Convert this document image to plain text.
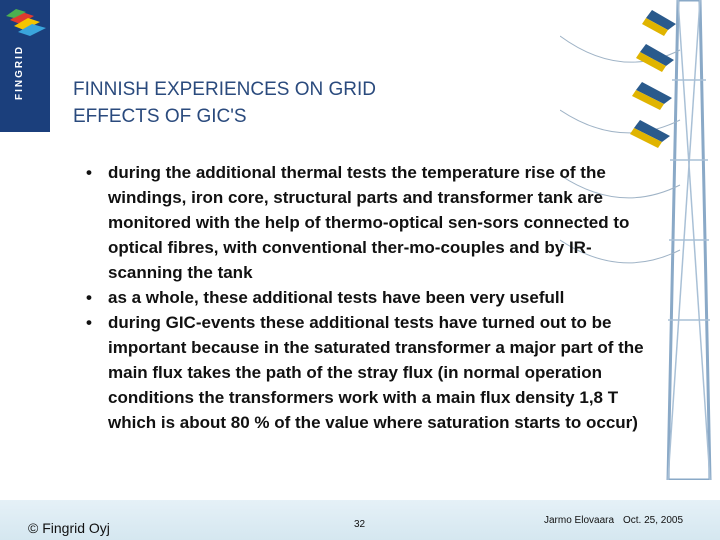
FINGRID	FINNISH EXPERIENCES ON GRID
EFFECTS OF GIC'S
• during the additional thermal tests the temperature rise of the windings, iron core, structural parts and transformer tank are monitored with the help of thermo-optical sen-sors connected to optical fibres, with conventional ther-mo-couples and by IR-scanning the tank
• as a whole, these additional tests have been very usefull
• during GIC-events these additional tests have turned out to be important because in the saturated transformer a major part of the main flux takes the path of the stray flux (in normal operation conditions the transformers work with a main flux density 1,8 T which is about 80 % of the value where saturation starts to occur)
© Fingrid Oyj	32	Jarmo Elovaara Oct. 25, 2005
